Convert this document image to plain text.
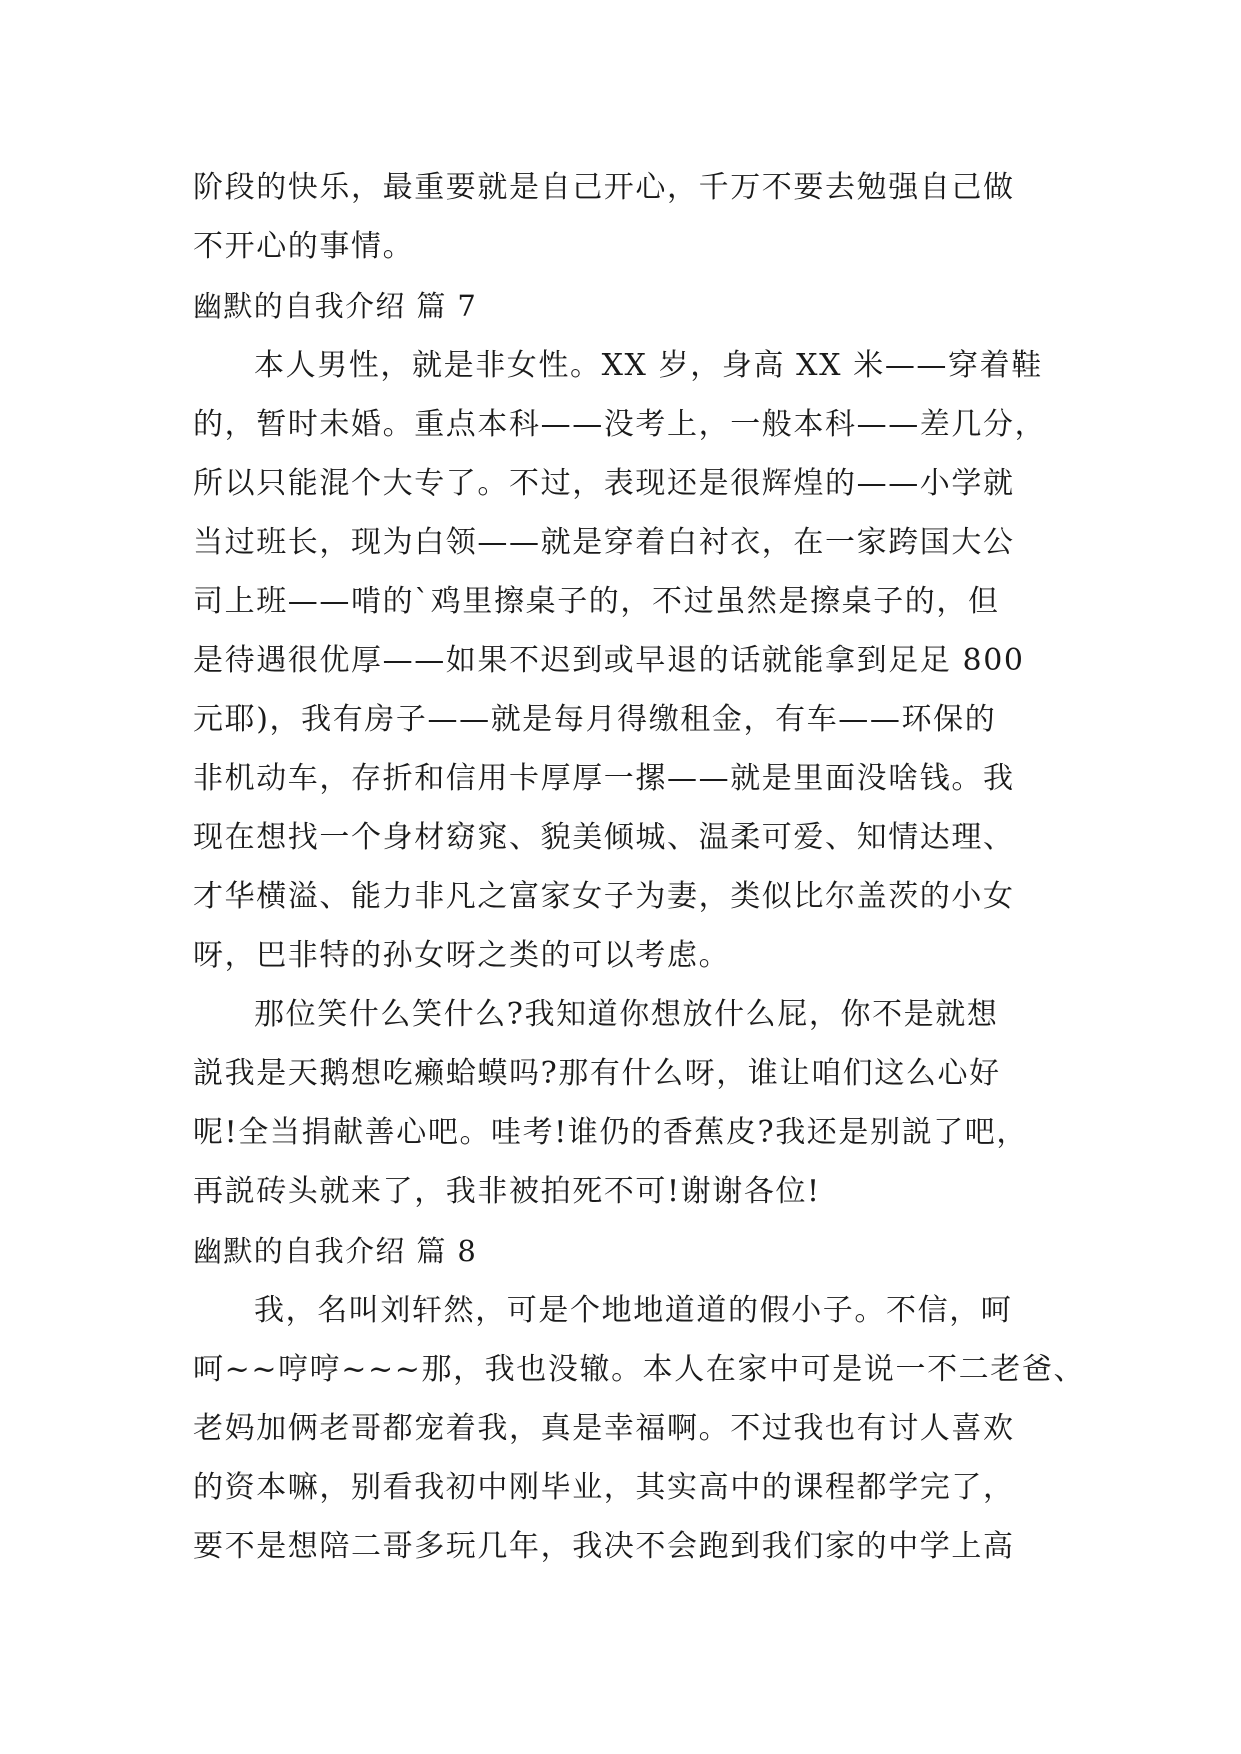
阶段的快乐，最重要就是自己开心，千万不要去勉强自己做
不开心的事情。
幽默的自我介绍 篇 7
本人男性，就是非女性。XX 岁，身高 XX 米——穿着鞋
的，暂时未婚。重点本科——没考上，一般本科——差几分，
所以只能混个大专了。不过，表现还是很辉煌的——小学就
当过班长，现为白领——就是穿着白衬衣，在一家跨国大公
司上班——啃的`鸡里擦桌子的，不过虽然是擦桌子的，但
是待遇很优厚——如果不迟到或早退的话就能拿到足足 800
元耶)，我有房子——就是每月得缴租金，有车——环保的
非机动车，存折和信用卡厚厚一摞——就是里面没啥钱。我
现在想找一个身材窈窕、貌美倾城、温柔可爱、知情达理、
才华横溢、能力非凡之富家女子为妻，类似比尔盖茨的小女
呀，巴非特的孙女呀之类的可以考虑。
那位笑什么笑什么?我知道你想放什么屁，你不是就想
説我是天鹅想吃癞蛤蟆吗?那有什么呀，谁让咱们这么心好
呢!全当捐献善心吧。哇考!谁仍的香蕉皮?我还是别説了吧，
再説砖头就来了，我非被拍死不可!谢谢各位!
幽默的自我介绍 篇 8
我，名叫刘轩然，可是个地地道道的假小子。不信，呵
呵~~哼哼~~~那，我也没辙。本人在家中可是说一不二老爸、
老妈加俩老哥都宠着我，真是幸福啊。不过我也有讨人喜欢
的资本嘛，别看我初中刚毕业，其实高中的课程都学完了，
要不是想陪二哥多玩几年，我决不会跑到我们家的中学上高
